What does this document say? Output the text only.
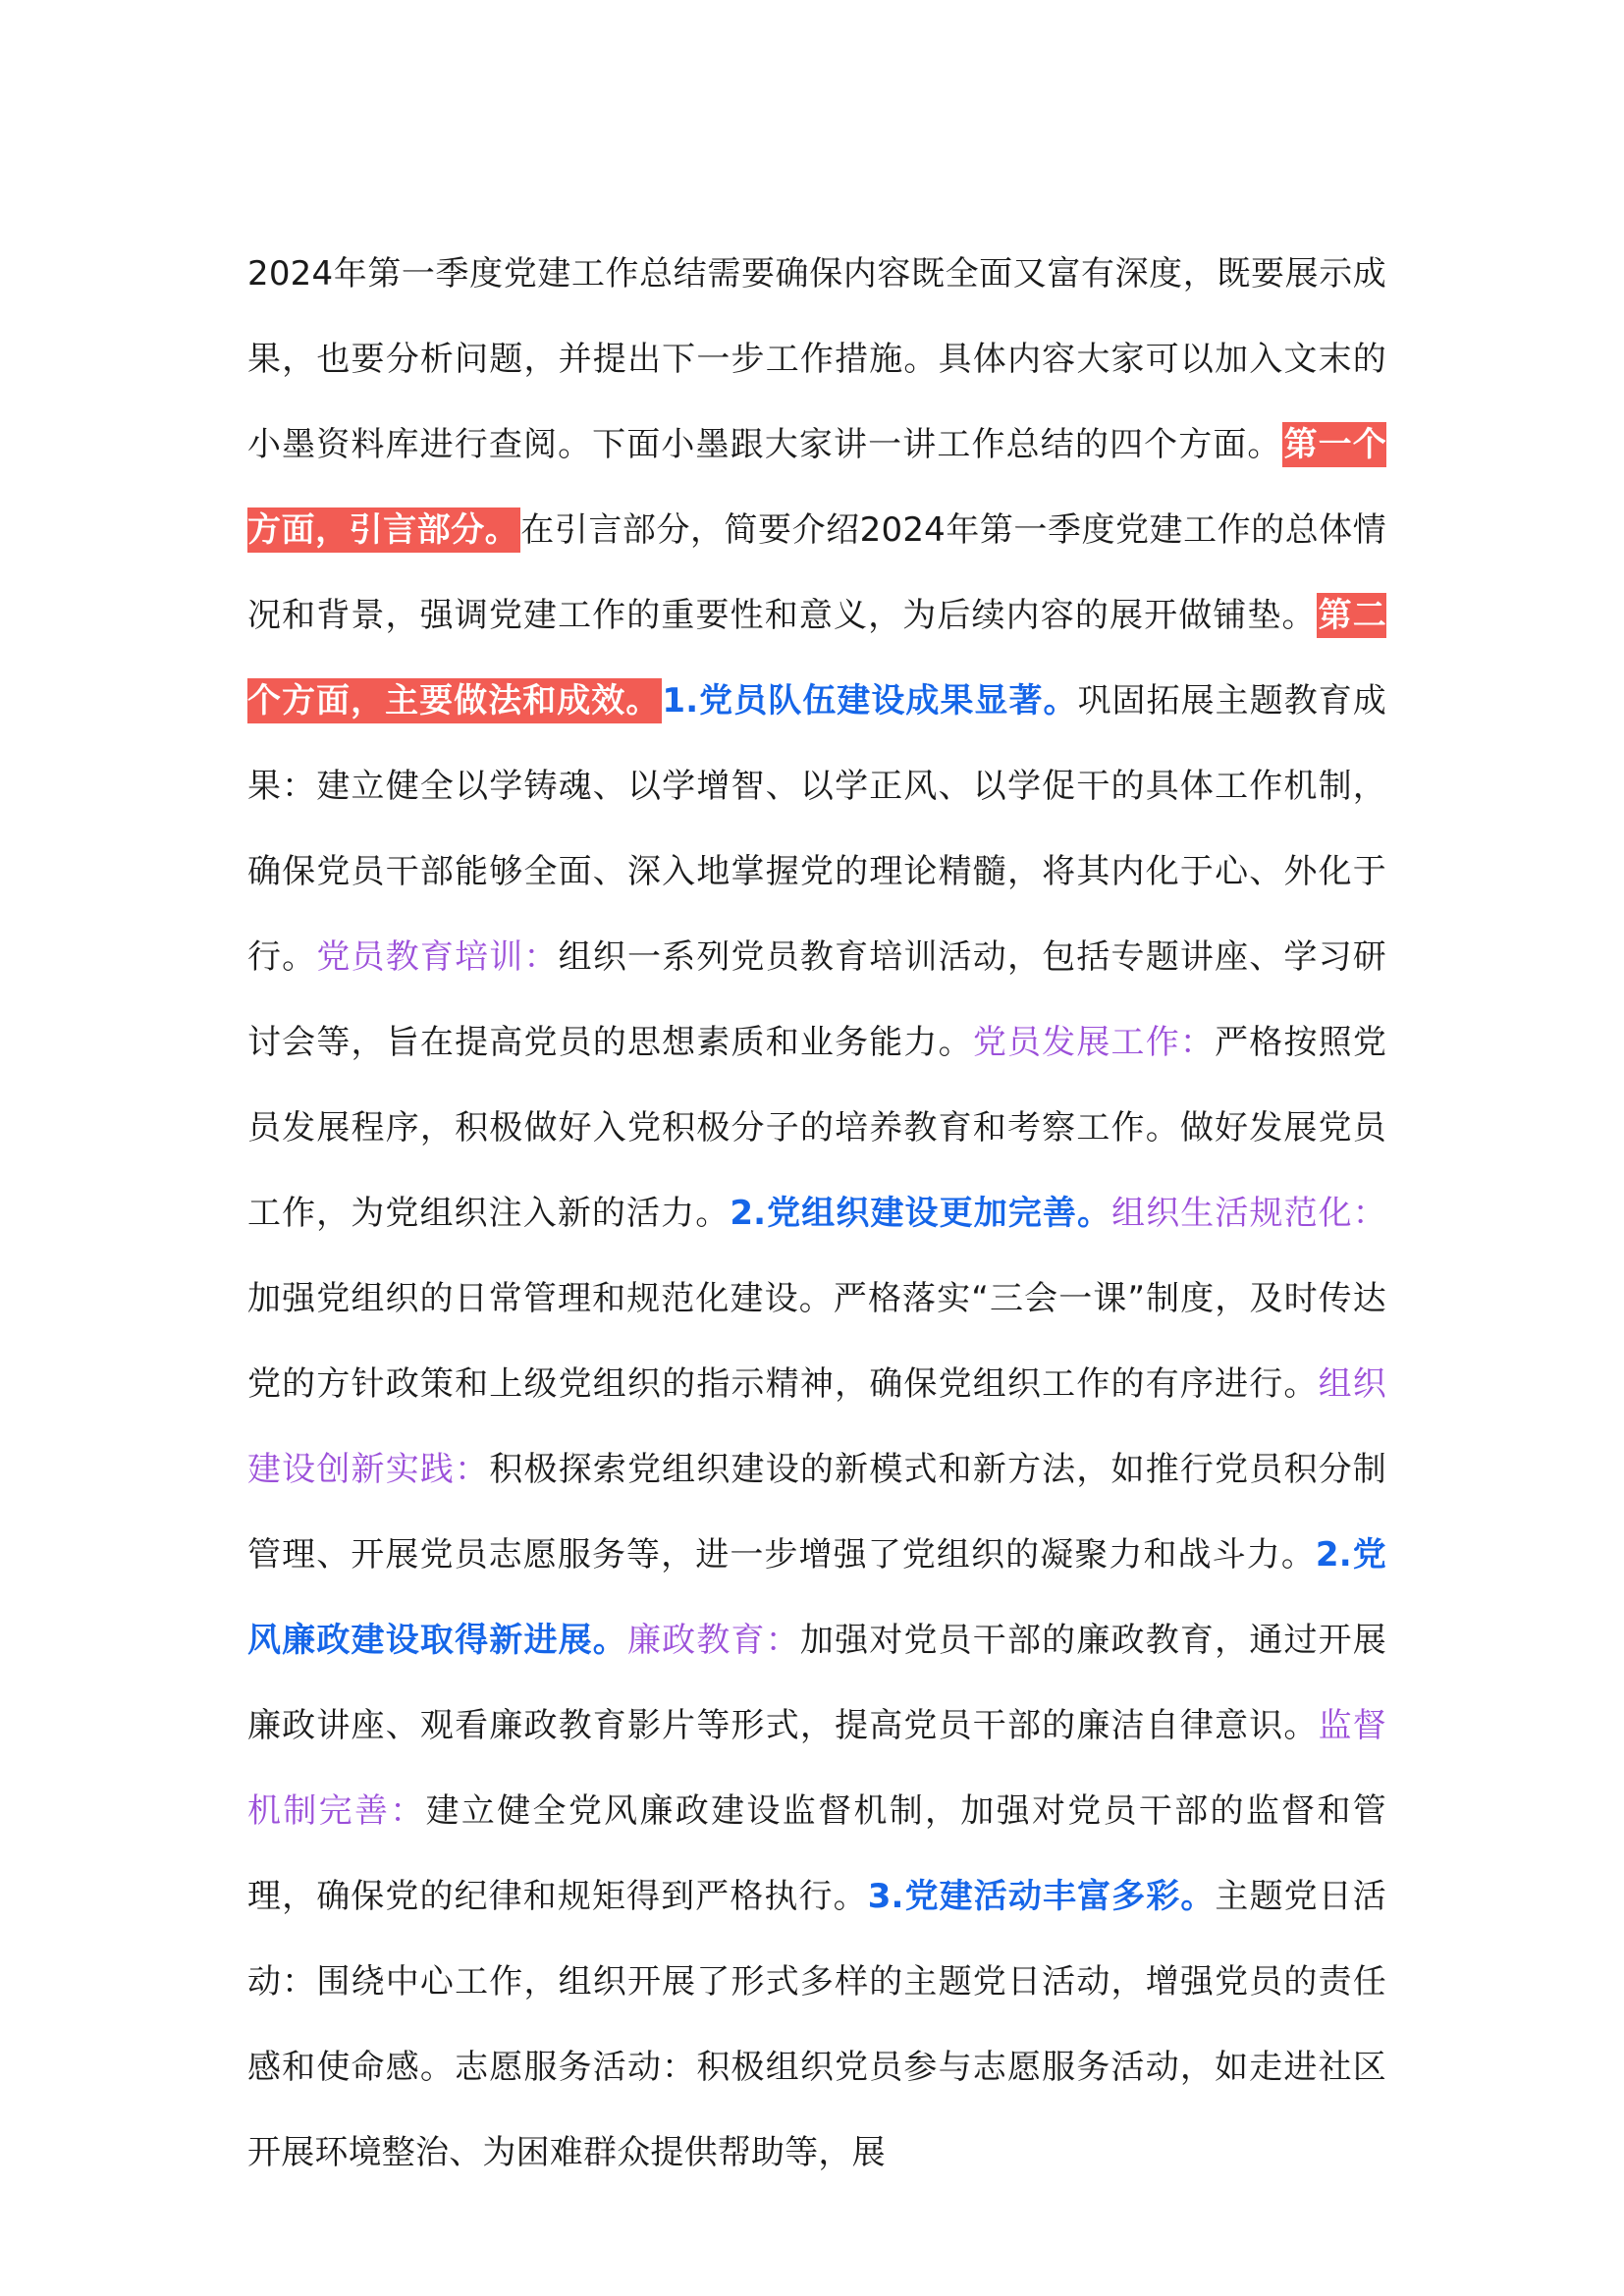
2024年第一季度党建工作总结需要确保内容既全面又富有深度，既要展示成果，也要分析问题，并提出下一步工作措施。具体内容大家可以加入文末的小墨资料库进行查阅。下面小墨跟大家讲一讲工作总结的四个方面。第一个方面，引言部分。在引言部分，简要介绍2024年第一季度党建工作的总体情况和背景，强调党建工作的重要性和意义，为后续内容的展开做铺垫。第二个方面，主要做法和成效。1.党员队伍建设成果显著。巩固拓展主题教育成果：建立健全以学铸魂、以学增智、以学正风、以学促干的具体工作机制，确保党员干部能够全面、深入地掌握党的理论精髓，将其内化于心、外化于行。党员教育培训：组织一系列党员教育培训活动，包括专题讲座、学习研讨会等，旨在提高党员的思想素质和业务能力。党员发展工作：严格按照党员发展程序，积极做好入党积极分子的培养教育和考察工作。做好发展党员工作，为党组织注入新的活力。2.党组织建设更加完善。组织生活规范化：加强党组织的日常管理和规范化建设。严格落实“三会一课”制度，及时传达党的方针政策和上级党组织的指示精神，确保党组织工作的有序进行。组织建设创新实践：积极探索党组织建设的新模式和新方法，如推行党员积分制管理、开展党员志愿服务等，进一步增强了党组织的凝聚力和战斗力。2.党风廉政建设取得新进展。廉政教育：加强对党员干部的廉政教育，通过开展廉政讲座、观看廉政教育影片等形式，提高党员干部的廉洁自律意识。监督机制完善：建立健全党风廉政建设监督机制，加强对党员干部的监督和管理，确保党的纪律和规矩得到严格执行。3.党建活动丰富多彩。主题党日活动：围绕中心工作，组织开展了形式多样的主题党日活动，增强党员的责任感和使命感。志愿服务活动：积极组织党员参与志愿服务活动，如走进社区开展环境整治、为困难群众提供帮助等，展
